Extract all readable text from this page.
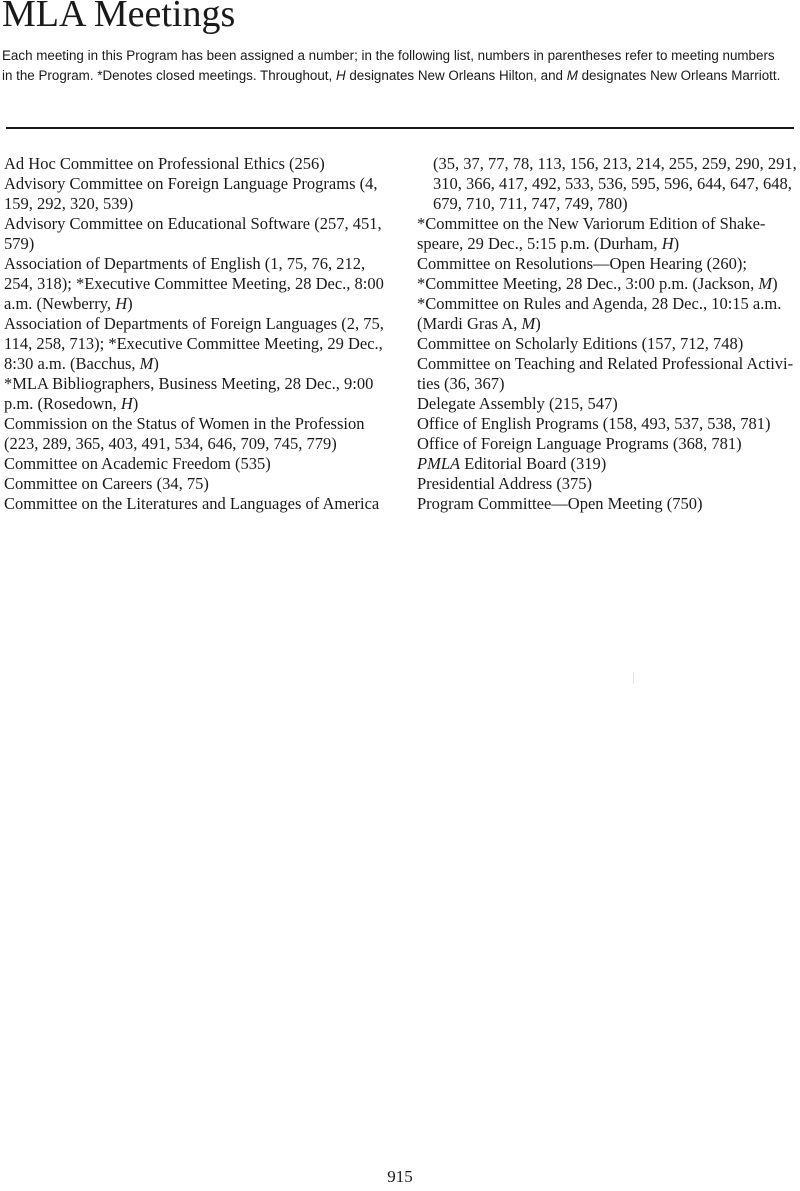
MLA Meetings

Each meeting in this Program has been assigned a number; in the following list, numbers in parentheses refer to meeting numbers
in the Program. *Denotes closed meetings. Throughout, H designates New Orleans Hilton, and M designates New Orleans Marriott.

Ad Hoc Committee on Professional Ethics (256)
Advisory Committee on Foreign Language Programs (4,
159, 292, 320, 539)
Advisory Committee on Educational Software (257, 451,
579)
Association of Departments of English (1, 75, 76, 212,
254, 318); *Executive Committee Meeting, 28 Dec., 8:00
a.m. (Newberry, H)
Association of Departments of Foreign Languages (2, 75,
114, 258, 713); *Executive Committee Meeting, 29 Dec.,
8:30 a.m. (Bacchus, M)
*MLA Bibliographers, Business Meeting, 28 Dec., 9:00
p.m. (Rosedown, H)
Commission on the Status of Women in the Profession
(223, 289, 365, 403, 491, 534, 646, 709, 745, 779)
Committee on Academic Freedom (535)
Committee on Careers (34, 75)
Committee on the Literatures and Languages of America
(35, 37, 77, 78, 113, 156, 213, 214, 255, 259, 290, 291,
310, 366, 417, 492, 533, 536, 595, 596, 644, 647, 648,
679, 710, 711, 747, 749, 780)
*Committee on the New Variorum Edition of Shake-
speare, 29 Dec., 5:15 p.m. (Durham, H)
Committee on Resolutions—Open Hearing (260);
*Committee Meeting, 28 Dec., 3:00 p.m. (Jackson, M)
*Committee on Rules and Agenda, 28 Dec., 10:15 a.m.
(Mardi Gras A, M)
Committee on Scholarly Editions (157, 712, 748)
Committee on Teaching and Related Professional Activi-
ties (36, 367)
Delegate Assembly (215, 547)
Office of English Programs (158, 493, 537, 538, 781)
Office of Foreign Language Programs (368, 781)
PMLA Editorial Board (319)
Presidential Address (375)
Program Committee—Open Meeting (750)
915
